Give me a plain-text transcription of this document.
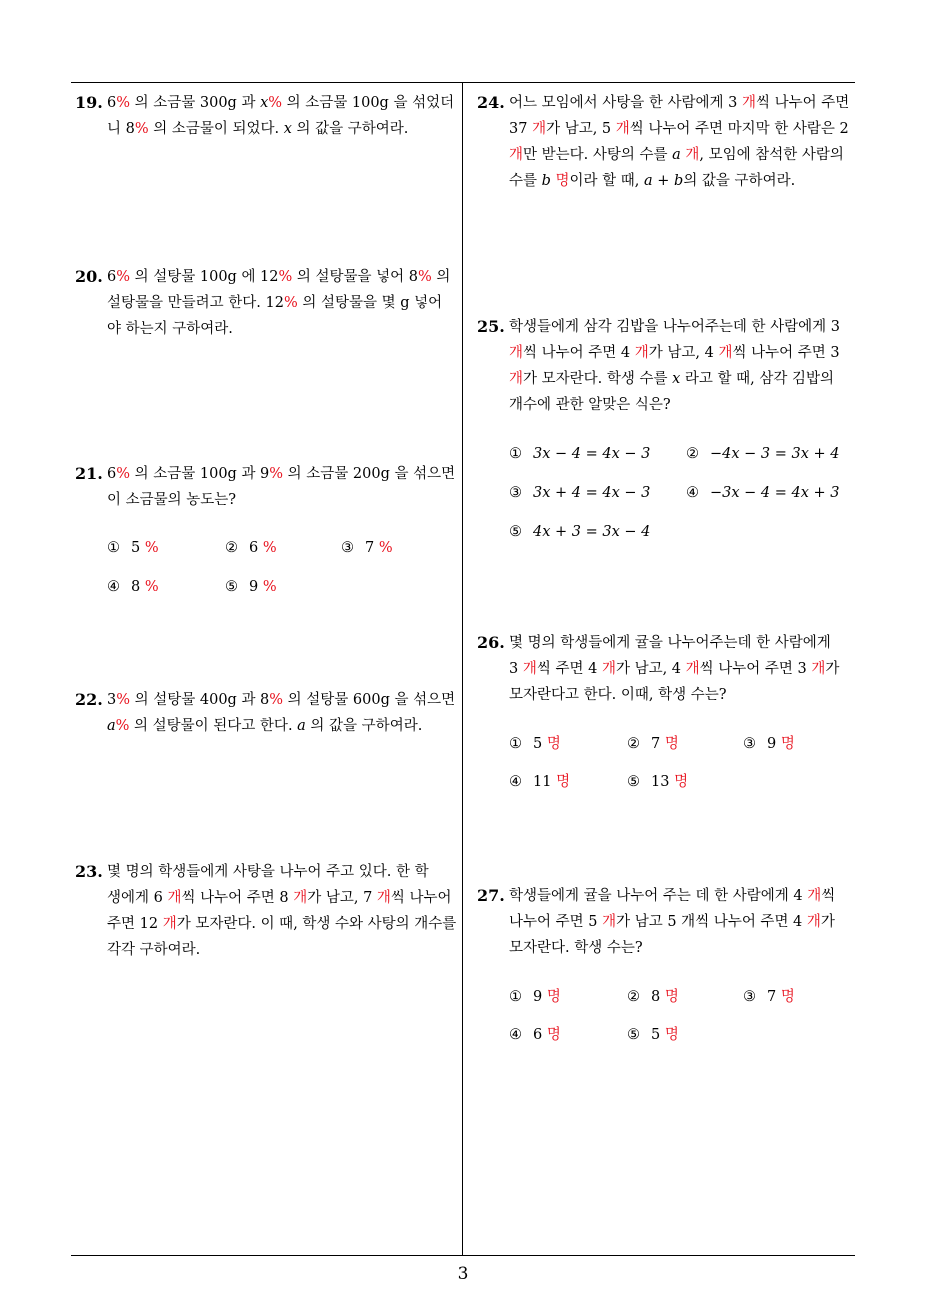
19. 6% 의 소금물 300g 과 x% 의 소금물 100g 을 섞었더
니 8% 의 소금물이 되었다. x 의 값을 구하여라.
20. 6% 의 설탕물 100g 에 12% 의 설탕물을 넣어 8% 의
설탕물을 만들려고 한다. 12% 의 설탕물을 몇 g 넣어
야 하는지 구하여라.
21. 6% 의 소금물 100g 과 9% 의 소금물 200g 을 섞으면
이 소금물의 농도는?
① 5 %	② 6 %	③ 7 %
④ 8 %	⑤ 9 %
22. 3% 의 설탕물 400g 과 8% 의 설탕물 600g 을 섞으면
a% 의 설탕물이 된다고 한다. a 의 값을 구하여라.
23. 몇 명의 학생들에게 사탕을 나누어 주고 있다. 한 학
생에게 6 개씩 나누어 주면 8 개가 남고, 7 개씩 나누어
주면 12 개가 모자란다. 이 때, 학생 수와 사탕의 개수를
각각 구하여라.
24. 어느 모임에서 사탕을 한 사람에게 3 개씩 나누어 주면
37 개가 남고, 5 개씩 나누어 주면 마지막 한 사람은 2
개만 받는다. 사탕의 수를 a 개, 모임에 참석한 사람의
수를 b 명이라 할 때, a + b의 값을 구하여라.
25. 학생들에게 삼각 김밥을 나누어주는데 한 사람에게 3
개씩 나누어 주면 4 개가 남고, 4 개씩 나누어 주면 3
개가 모자란다. 학생 수를 x 라고 할 때, 삼각 김밥의
개수에 관한 알맞은 식은?
① 3x − 4 = 4x − 3 ② −4x − 3 = 3x + 4
③ 3x + 4 = 4x − 3 ④ −3x − 4 = 4x + 3
⑤ 4x + 3 = 3x − 4
26. 몇 명의 학생들에게 귤을 나누어주는데 한 사람에게
3 개씩 주면 4 개가 남고, 4 개씩 나누어 주면 3 개가
모자란다고 한다. 이때, 학생 수는?
① 5 명	② 7 명	③ 9 명
④ 11 명	⑤ 13 명
27. 학생들에게 귤을 나누어 주는 데 한 사람에게 4 개씩
나누어 주면 5 개가 남고 5 개씩 나누어 주면 4 개가
모자란다. 학생 수는?
① 9 명	② 8 명	③ 7 명
④ 6 명	⑤ 5 명
3
